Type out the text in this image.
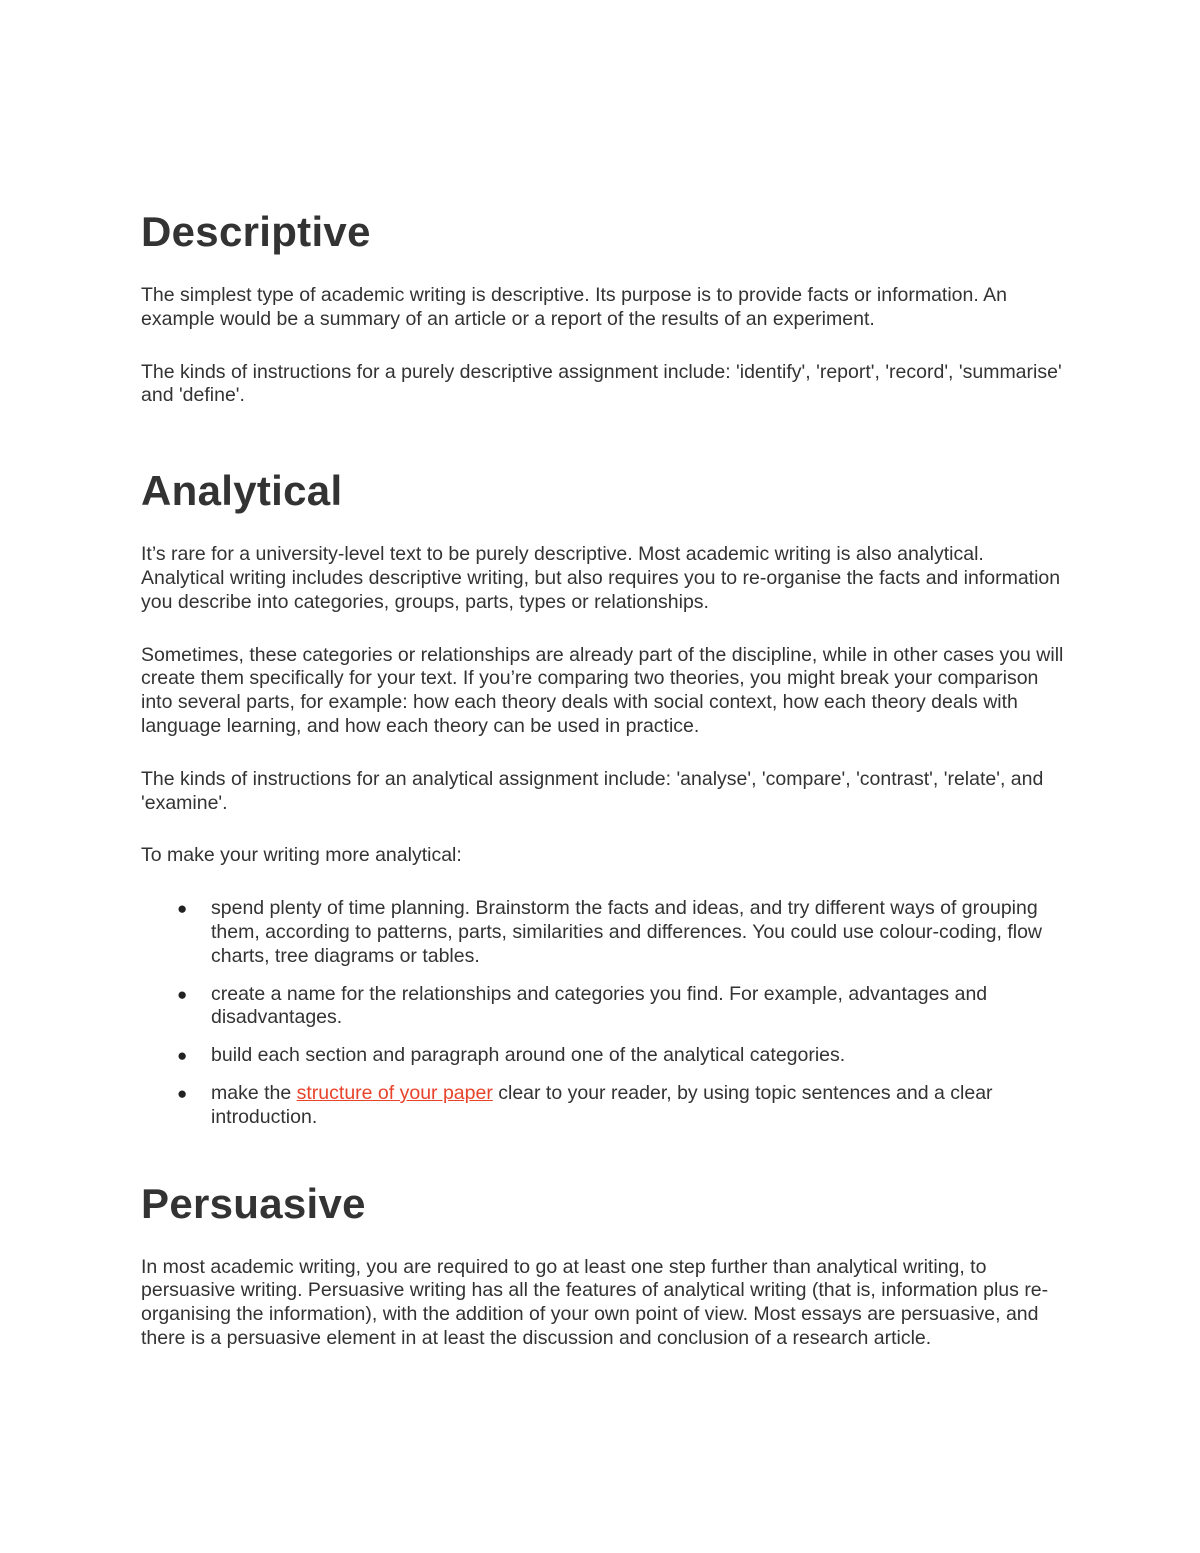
Descriptive

The simplest type of academic writing is descriptive. Its purpose is to provide facts or information. An example would be a summary of an article or a report of the results of an experiment.

The kinds of instructions for a purely descriptive assignment include: 'identify', 'report', 'record', 'summarise' and 'define'.

Analytical

It’s rare for a university-level text to be purely descriptive. Most academic writing is also analytical. Analytical writing includes descriptive writing, but also requires you to re-organise the facts and information you describe into categories, groups, parts, types or relationships.

Sometimes, these categories or relationships are already part of the discipline, while in other cases you will create them specifically for your text. If you’re comparing two theories, you might break your comparison into several parts, for example: how each theory deals with social context, how each theory deals with language learning, and how each theory can be used in practice.

The kinds of instructions for an analytical assignment include: 'analyse', 'compare', 'contrast', 'relate', and 'examine'.

To make your writing more analytical:

● spend plenty of time planning. Brainstorm the facts and ideas, and try different ways of grouping them, according to patterns, parts, similarities and differences. You could use colour-coding, flow charts, tree diagrams or tables.
● create a name for the relationships and categories you find. For example, advantages and disadvantages.
● build each section and paragraph around one of the analytical categories.
● make the structure of your paper clear to your reader, by using topic sentences and a clear introduction.
Persuasive

In most academic writing, you are required to go at least one step further than analytical writing, to persuasive writing. Persuasive writing has all the features of analytical writing (that is, information plus re-organising the information), with the addition of your own point of view. Most essays are persuasive, and there is a persuasive element in at least the discussion and conclusion of a research article.
